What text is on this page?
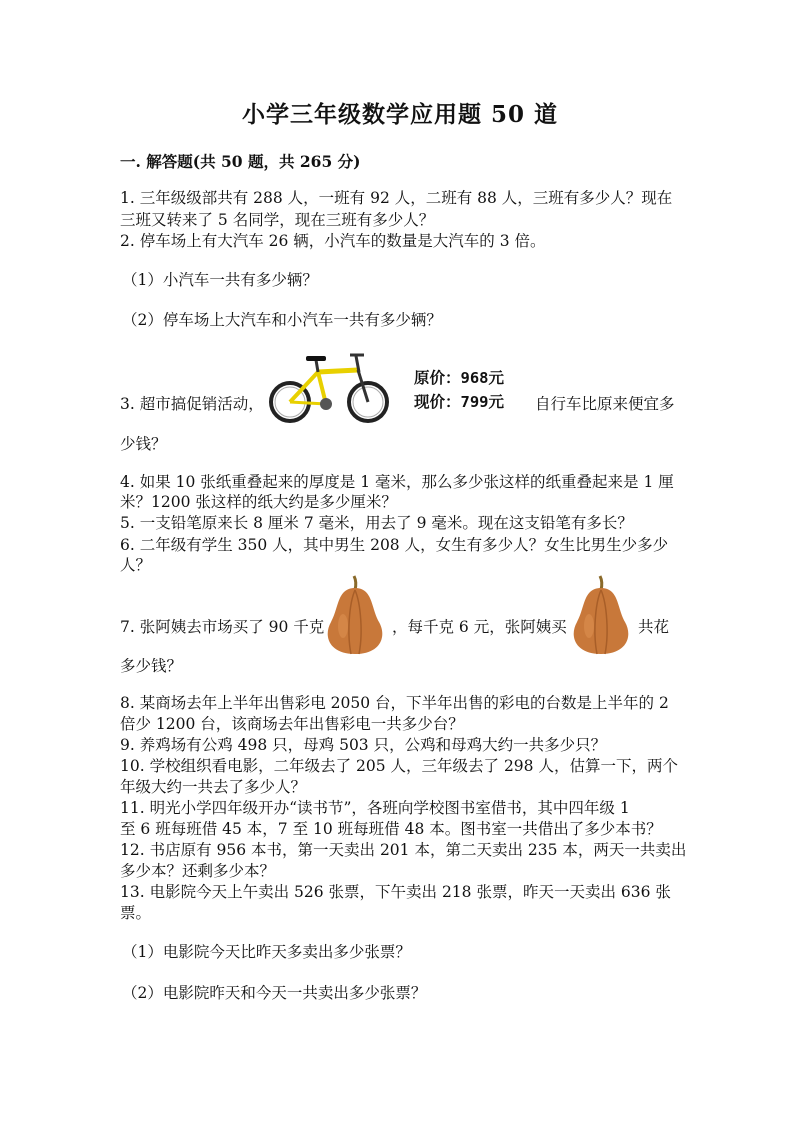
小学三年级数学应用题 50 道
一. 解答题(共 50 题，共 265 分)
1. 三年级级部共有 288 人，一班有 92 人，二班有 88 人，三班有多少人？现在
三班又转来了 5 名同学，现在三班有多少人？
2. 停车场上有大汽车 26 辆，小汽车的数量是大汽车的 3 倍。
（1）小汽车一共有多少辆？
（2）停车场上大汽车和小汽车一共有多少辆？
3. 超市搞促销活动，
原价：968元
现价：799元 自行车比原来便宜多
少钱？
4. 如果 10 张纸重叠起来的厚度是 1 毫米，那么多少张这样的纸重叠起来是 1 厘
米？1200 张这样的纸大约是多少厘米？
5. 一支铅笔原来长 8 厘米 7 毫米，用去了 9 毫米。现在这支铅笔有多长？
6. 二年级有学生 350 人，其中男生 208 人，女生有多少人？女生比男生少多少
人？
7. 张阿姨去市场买了 90 千克	，每千克 6 元，张阿姨买	共花
多少钱？
8. 某商场去年上半年出售彩电 2050 台，下半年出售的彩电的台数是上半年的 2
倍少 1200 台，该商场去年出售彩电一共多少台？
9. 养鸡场有公鸡 498 只，母鸡 503 只，公鸡和母鸡大约一共多少只？
10. 学校组织看电影，二年级去了 205 人，三年级去了 298 人，估算一下，两个
年级大约一共去了多少人？
11. 明光小学四年级开办“读书节”，各班向学校图书室借书，其中四年级 1
至 6 班每班借 45 本，7 至 10 班每班借 48 本。图书室一共借出了多少本书？
12. 书店原有 956 本书，第一天卖出 201 本，第二天卖出 235 本，两天一共卖出
多少本？还剩多少本？
13. 电影院今天上午卖出 526 张票，下午卖出 218 张票，昨天一天卖出 636 张
票。
（1）电影院今天比昨天多卖出多少张票？
（2）电影院昨天和今天一共卖出多少张票？
